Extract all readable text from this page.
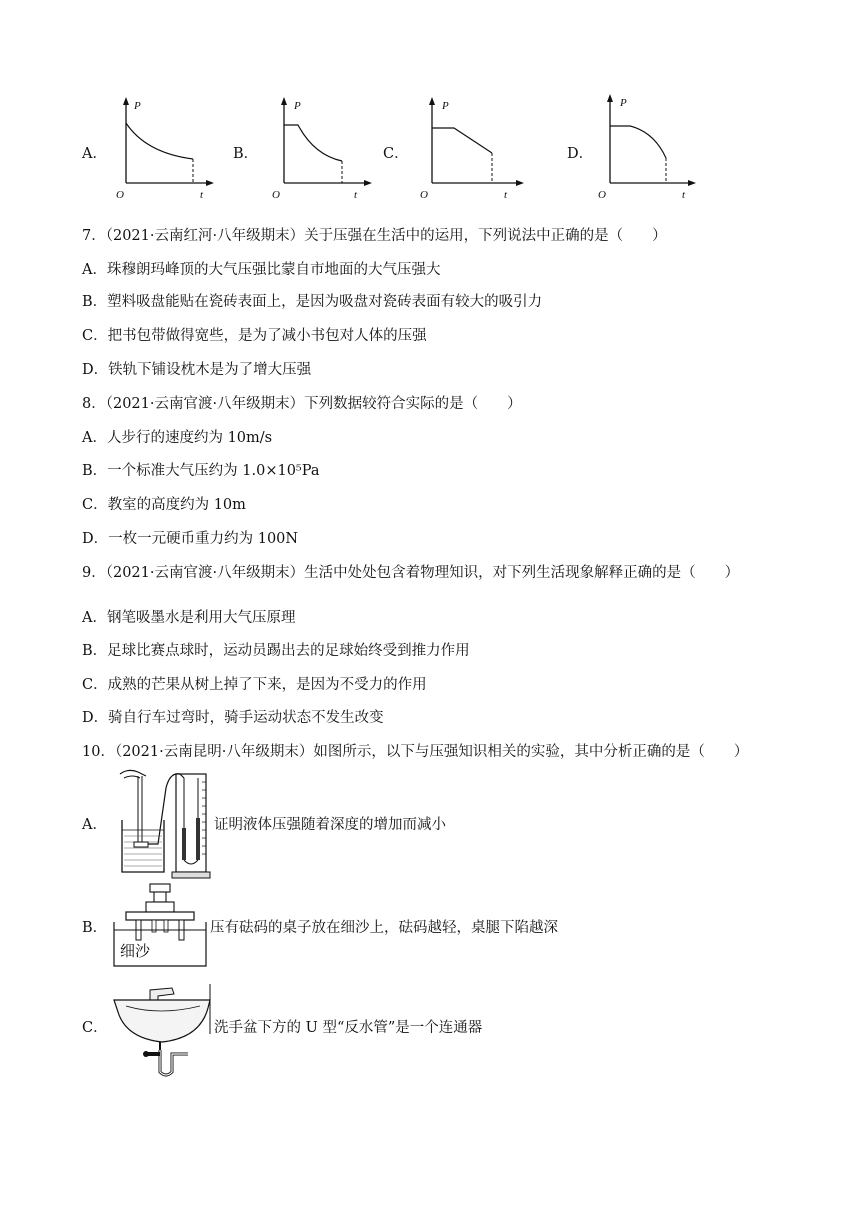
A．
P
t
O
B．
P
t
O
C．
P
t
O
D．
P
t
O
7．（2021·云南红河·八年级期末）关于压强在生活中的运用，下列说法中正确的是（　　）
A．珠穆朗玛峰顶的大气压强比蒙自市地面的大气压强大
B．塑料吸盘能贴在瓷砖表面上，是因为吸盘对瓷砖表面有较大的吸引力
C．把书包带做得宽些，是为了减小书包对人体的压强
D．铁轨下铺设枕木是为了增大压强
8．（2021·云南官渡·八年级期末）下列数据较符合实际的是（　　）
A．人步行的速度约为 10m/s
B．一个标准大气压约为 1.0×10⁵Pa
C．教室的高度约为 10m
D．一枚一元硬币重力约为 100N
9．（2021·云南官渡·八年级期末）生活中处处包含着物理知识，对下列生活现象解释正确的是（　　）
A．钢笔吸墨水是利用大气压原理
B．足球比赛点球时，运动员踢出去的足球始终受到推力作用
C．成熟的芒果从树上掉了下来，是因为不受力的作用
D．骑自行车过弯时，骑手运动状态不发生改变
10．（2021·云南昆明·八年级期末）如图所示，以下与压强知识相关的实验，其中分析正确的是（　　）
A．	证明液体压强随着深度的增加而减小
B．
细沙
压有砝码的桌子放在细沙上，砝码越轻，桌腿下陷越深
C．	洗手盆下方的 U 型“反水管”是一个连通器
